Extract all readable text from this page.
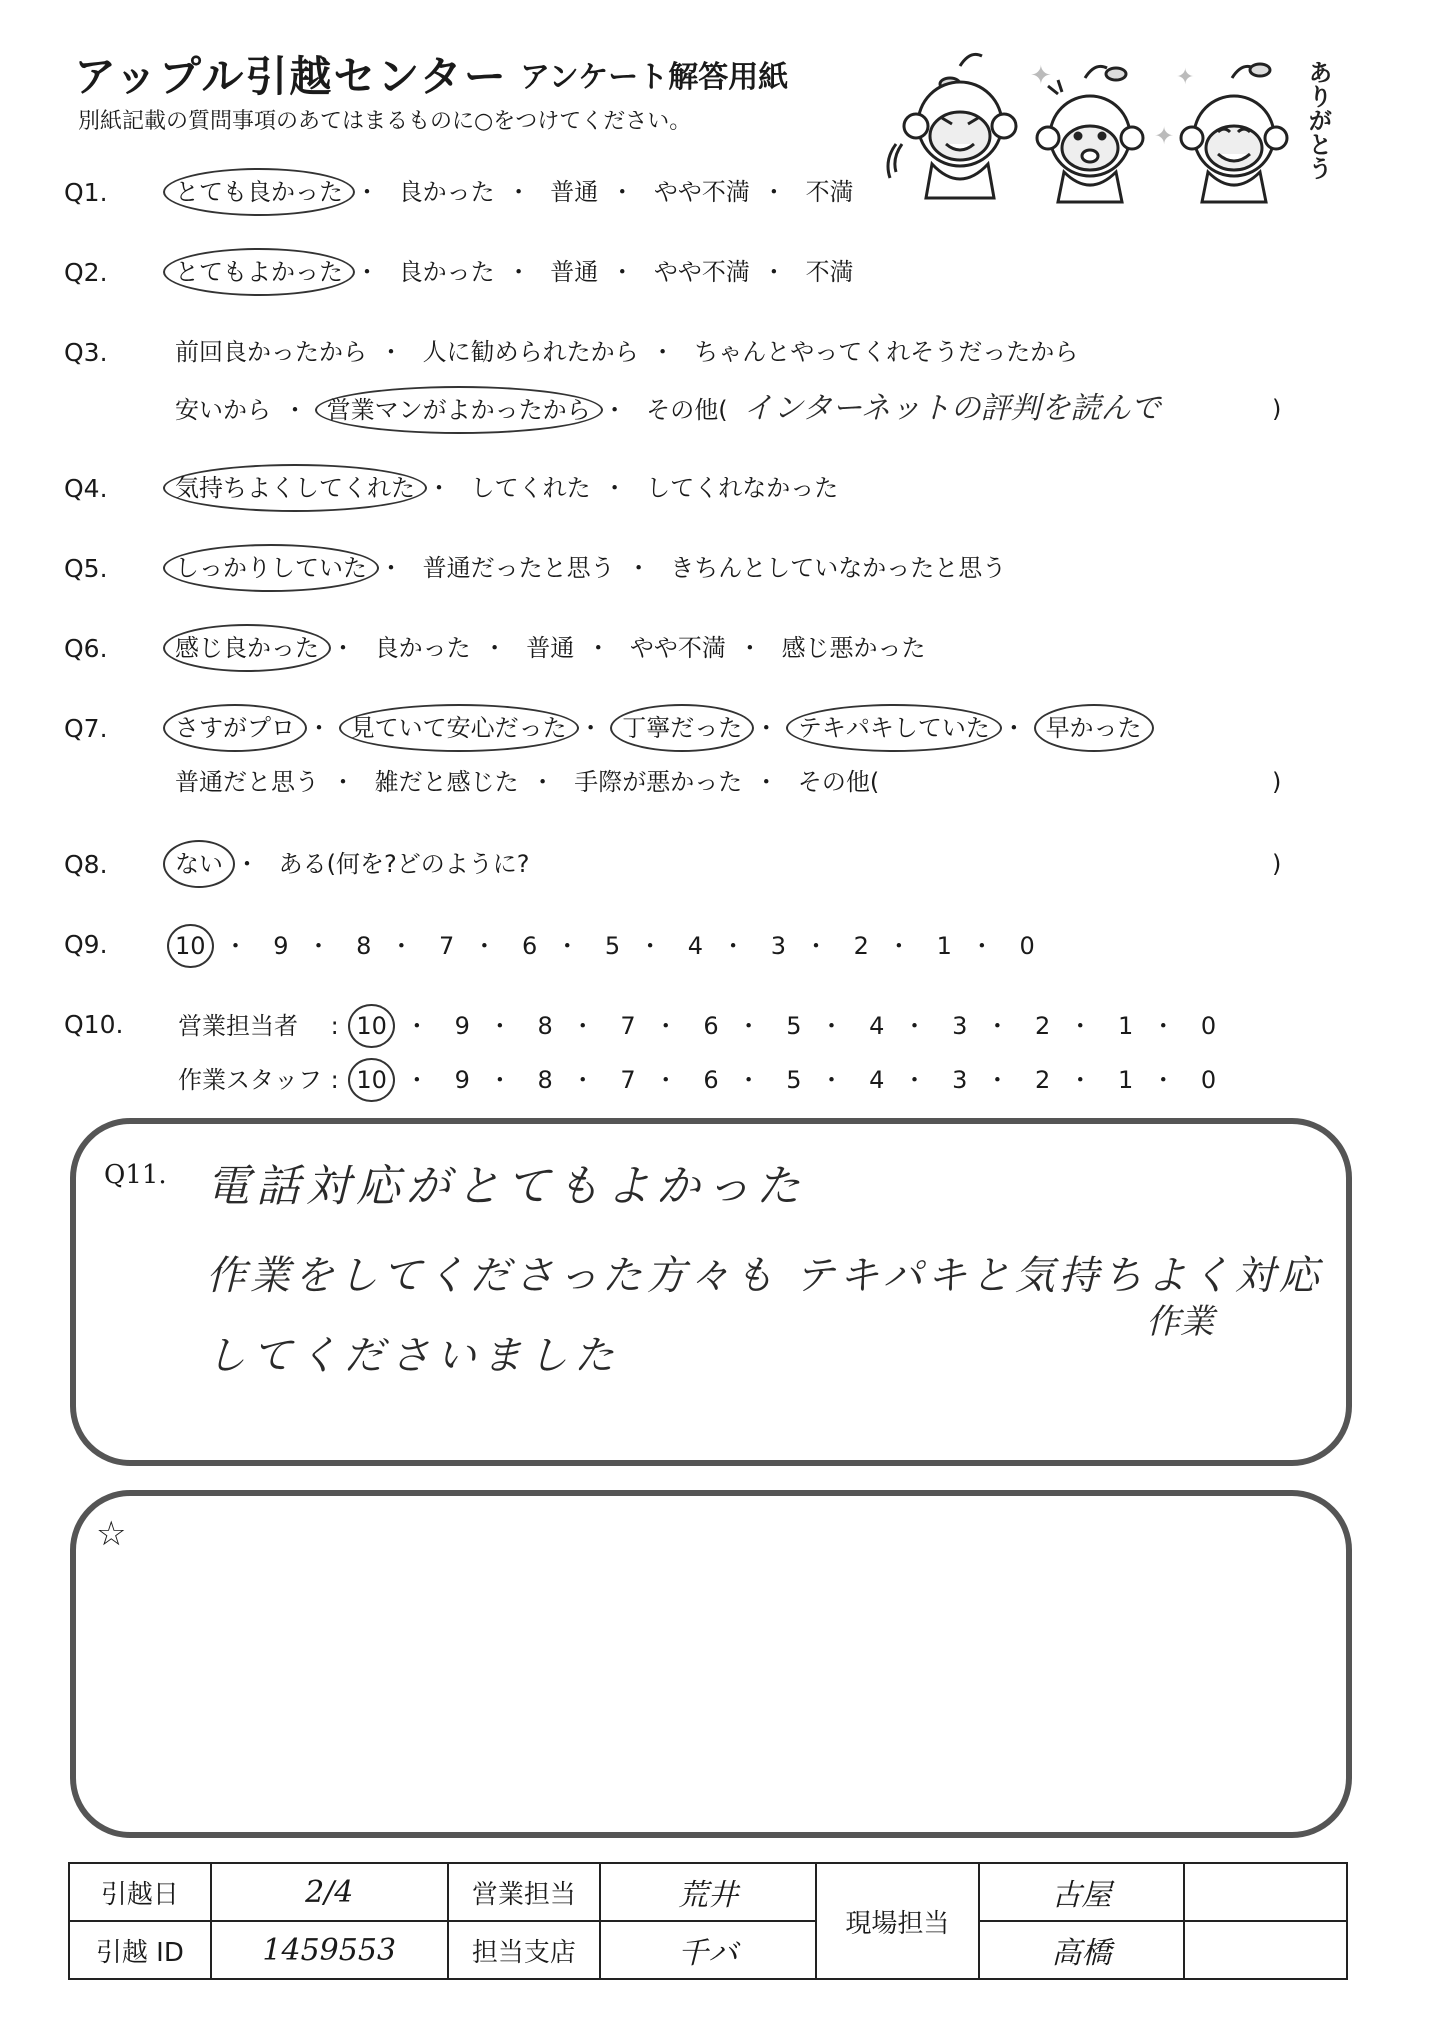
アップル引越センター アンケート解答用紙
別紙記載の質問事項のあてはまるものに○をつけてください。
✦	✦
✦	ありがとう
Q1.	とても良かった ・ 良かった ・ 普通 ・ やや不満 ・ 不満
Q2.	とてもよかった ・ 良かった ・ 普通 ・ やや不満 ・ 不満
Q3.	前回良かったから ・ 人に勧められたから ・ ちゃんとやってくれそうだったから
安いから ・ 営業マンがよかったから ・ その他( インターネットの評判を読んで	)
Q4.	気持ちよくしてくれた ・ してくれた ・ してくれなかった
Q5.	しっかりしていた ・ 普通だったと思う ・ きちんとしていなかったと思う
Q6.	感じ良かった ・ 良かった ・ 普通 ・ やや不満 ・ 感じ悪かった
Q7.	さすがプロ ・ 見ていて安心だった ・ 丁寧だった ・ テキパキしていた ・ 早かった
普通だと思う ・ 雑だと感じた ・ 手際が悪かった ・ その他(	)
Q8.	ない ・ ある(何を?どのように?	)
Q9.	10 ・ 9 ・ 8 ・ 7 ・ 6 ・ 5 ・ 4 ・ 3 ・ 2 ・ 1 ・ 0
Q10. 営業担当者 : 10 ・ 9 ・ 8 ・ 7 ・ 6 ・ 5 ・ 4 ・ 3 ・ 2 ・ 1 ・ 0
作業スタッフ : 10 ・ 9 ・ 8 ・ 7 ・ 6 ・ 5 ・ 4 ・ 3 ・ 2 ・ 1 ・ 0
Q11. 電話対応がとてもよかった
作業をしてくださった方々も テキパキと気持ちよく対応
作業
してくださいました
☆
引越日	2/4	営業担当	荒井	現場担当	古屋	
引越 ID	1459553	担当支店	千バ		高橋	
